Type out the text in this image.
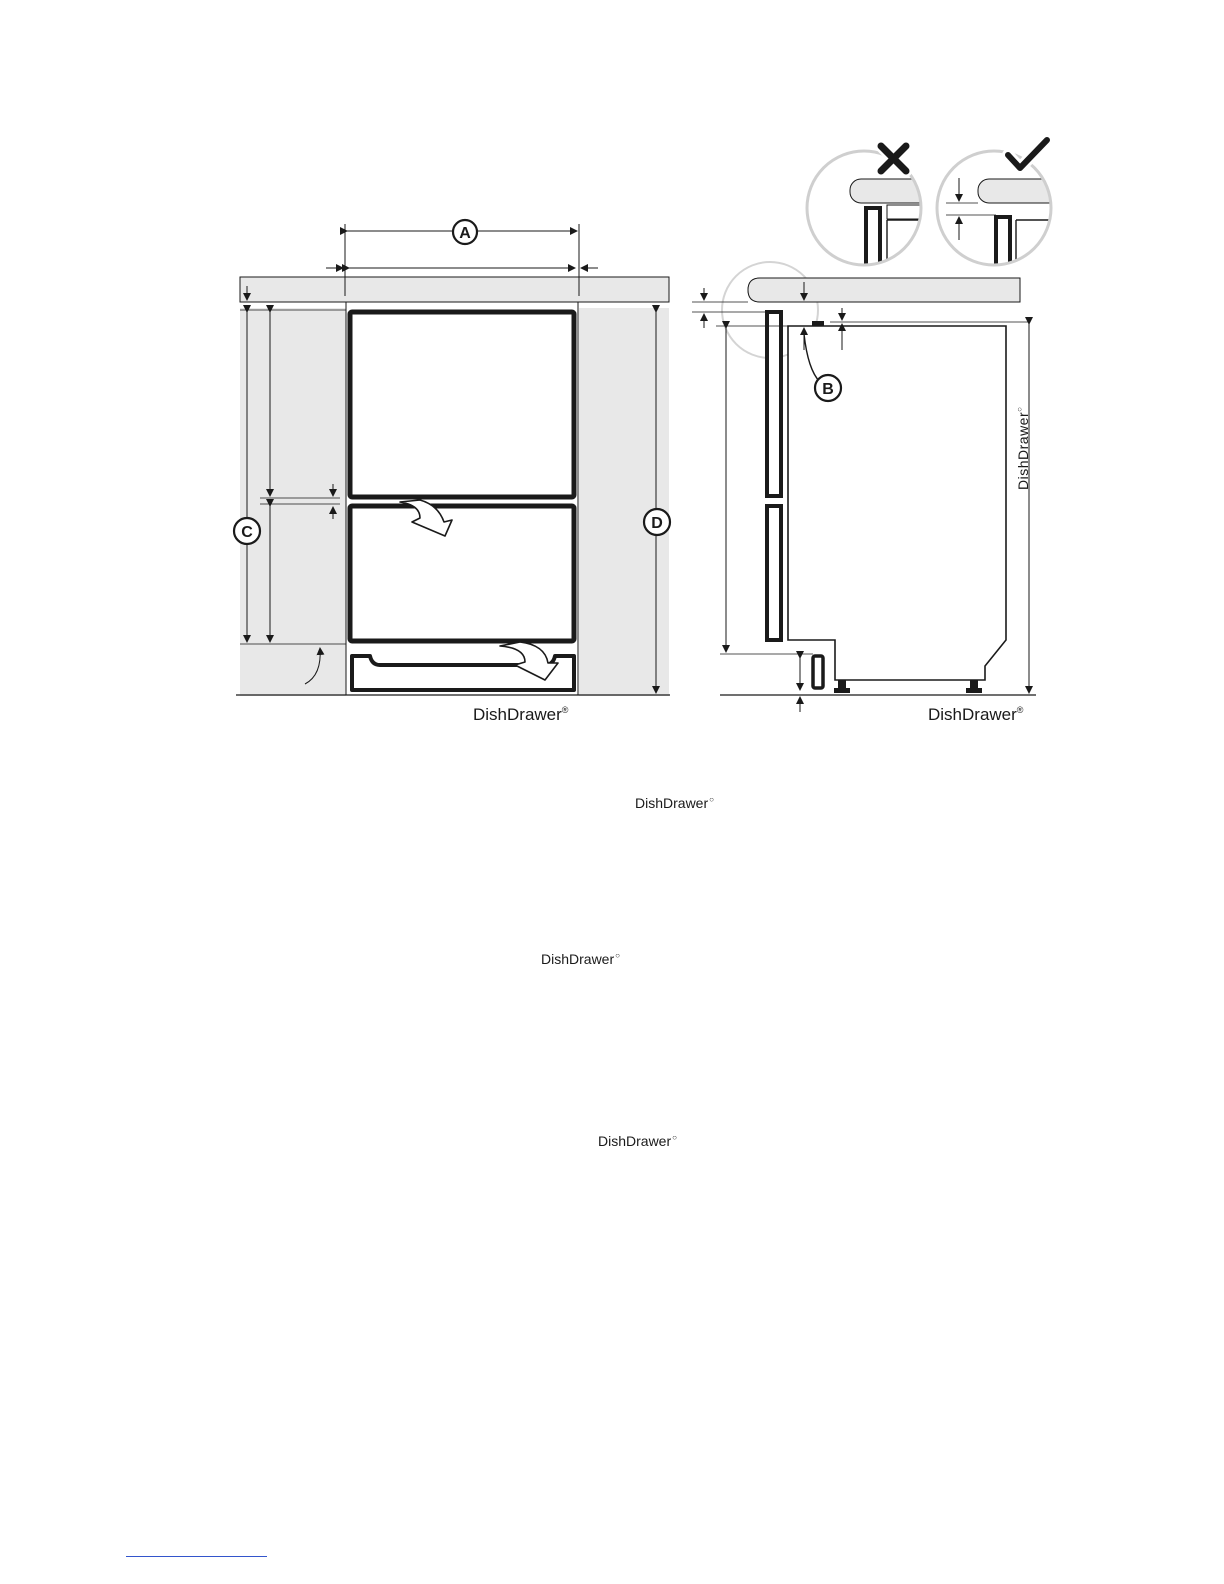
A
C
D
DishDrawer®
B
DishDrawer○
DishDrawer®
DishDrawer○
DishDrawer○
DishDrawer○
